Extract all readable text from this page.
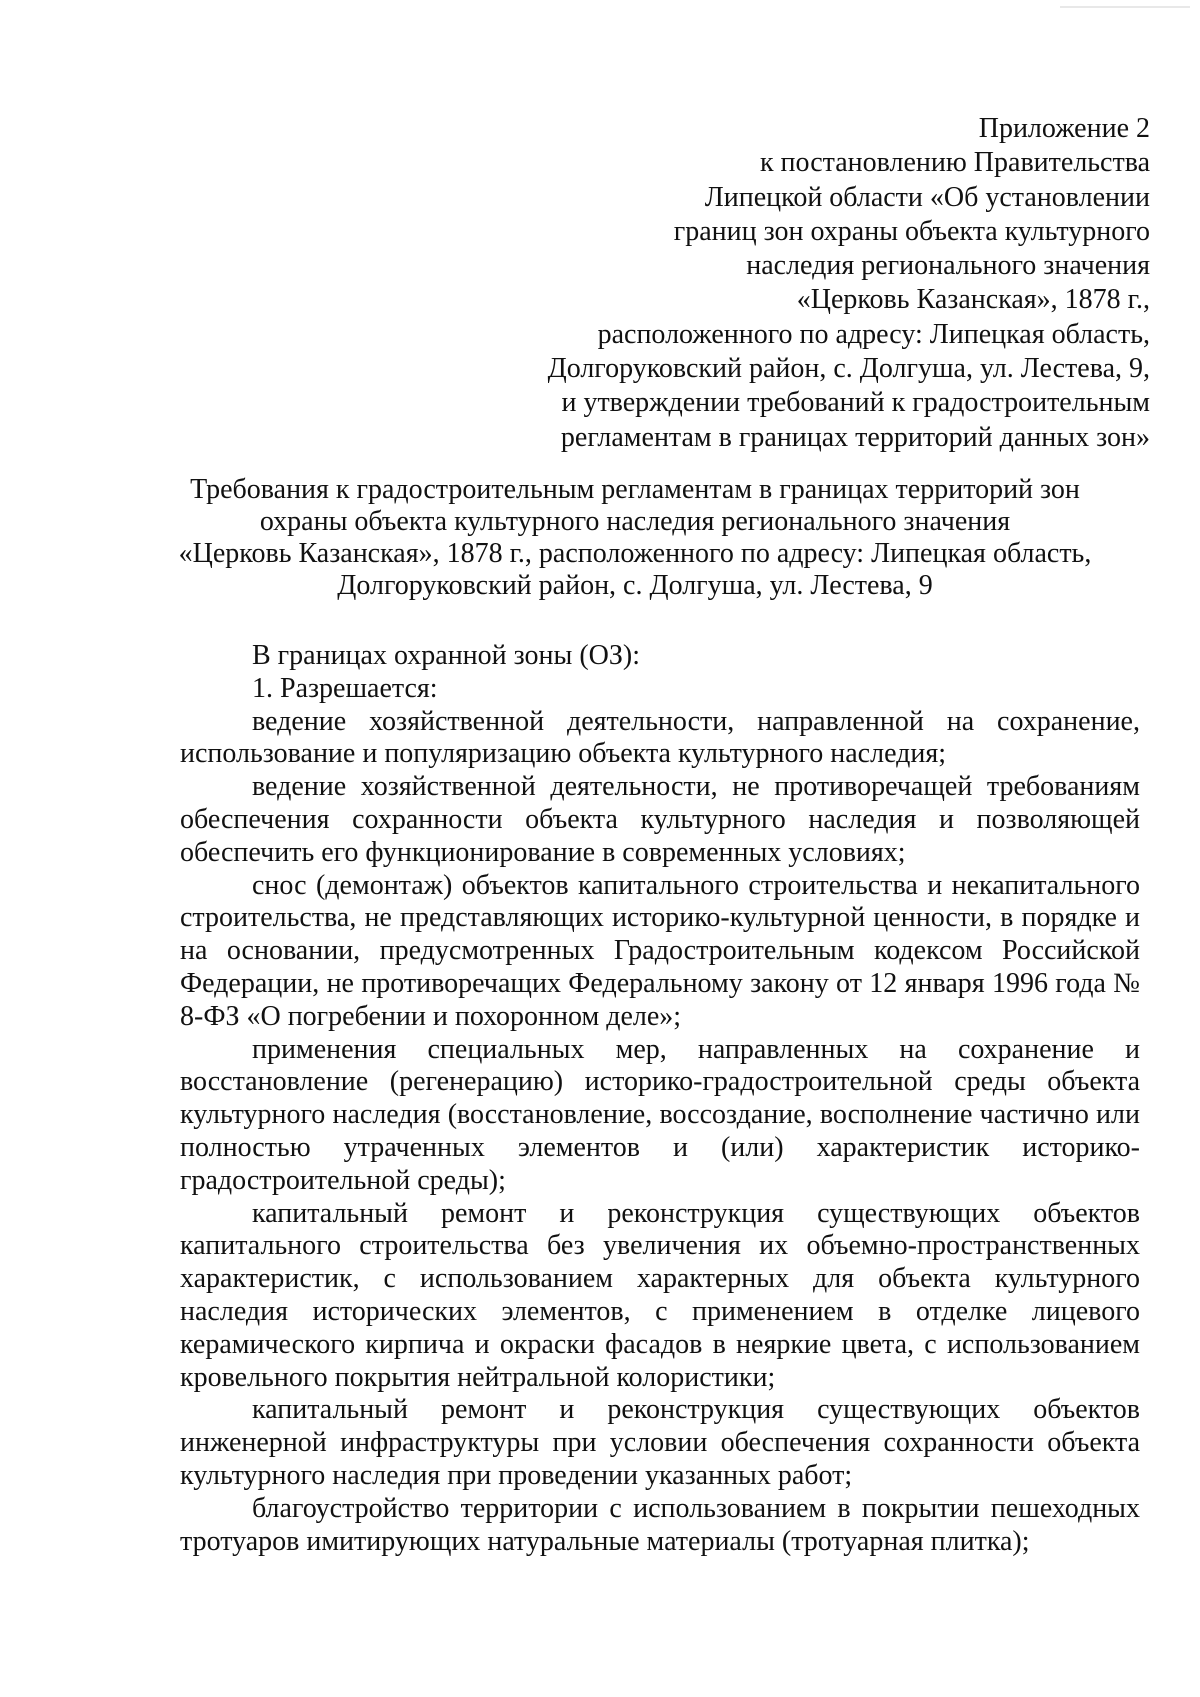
Приложение 2
к постановлению Правительства
Липецкой области «Об установлении
границ зон охраны объекта культурного
наследия регионального значения
«Церковь Казанская», 1878 г.,
расположенного по адресу: Липецкая область,
Долгоруковский район, с. Долгуша, ул. Лестева, 9,
и утверждении требований к градостроительным
регламентам в границах территорий данных зон»
Требования к градостроительным регламентам в границах территорий зон
охраны объекта культурного наследия регионального значения
«Церковь Казанская», 1878 г., расположенного по адресу: Липецкая область,
Долгоруковский район, с. Долгуша, ул. Лестева, 9

В границах охранной зоны (ОЗ):

1. Разрешается:

ведение хозяйственной деятельности, направленной на сохранение, использование и популяризацию объекта культурного наследия;

ведение хозяйственной деятельности, не противоречащей требованиям обеспечения сохранности объекта культурного наследия и позволяющей обеспечить его функционирование в современных условиях;

снос (демонтаж) объектов капитального строительства и некапитального строительства, не представляющих историко-культурной ценности, в порядке и на основании, предусмотренных Градостроительным кодексом Российской Федерации, не противоречащих Федеральному закону от 12 января 1996 года № 8-ФЗ «О погребении и похоронном деле»;

применения специальных мер, направленных на сохранение и восстановление (регенерацию) историко-градостроительной среды объекта культурного наследия (восстановление, воссоздание, восполнение частично или полностью утраченных элементов и (или) характеристик историко-градостроительной среды);

капитальный ремонт и реконструкция существующих объектов капитального строительства без увеличения их объемно-пространственных характеристик, с использованием характерных для объекта культурного наследия исторических элементов, с применением в отделке лицевого керамического кирпича и окраски фасадов в неяркие цвета, с использованием кровельного покрытия нейтральной колористики;

капитальный ремонт и реконструкция существующих объектов инженерной инфраструктуры при условии обеспечения сохранности объекта культурного наследия при проведении указанных работ;

благоустройство территории с использованием в покрытии пешеходных тротуаров имитирующих натуральные материалы (тротуарная плитка);
